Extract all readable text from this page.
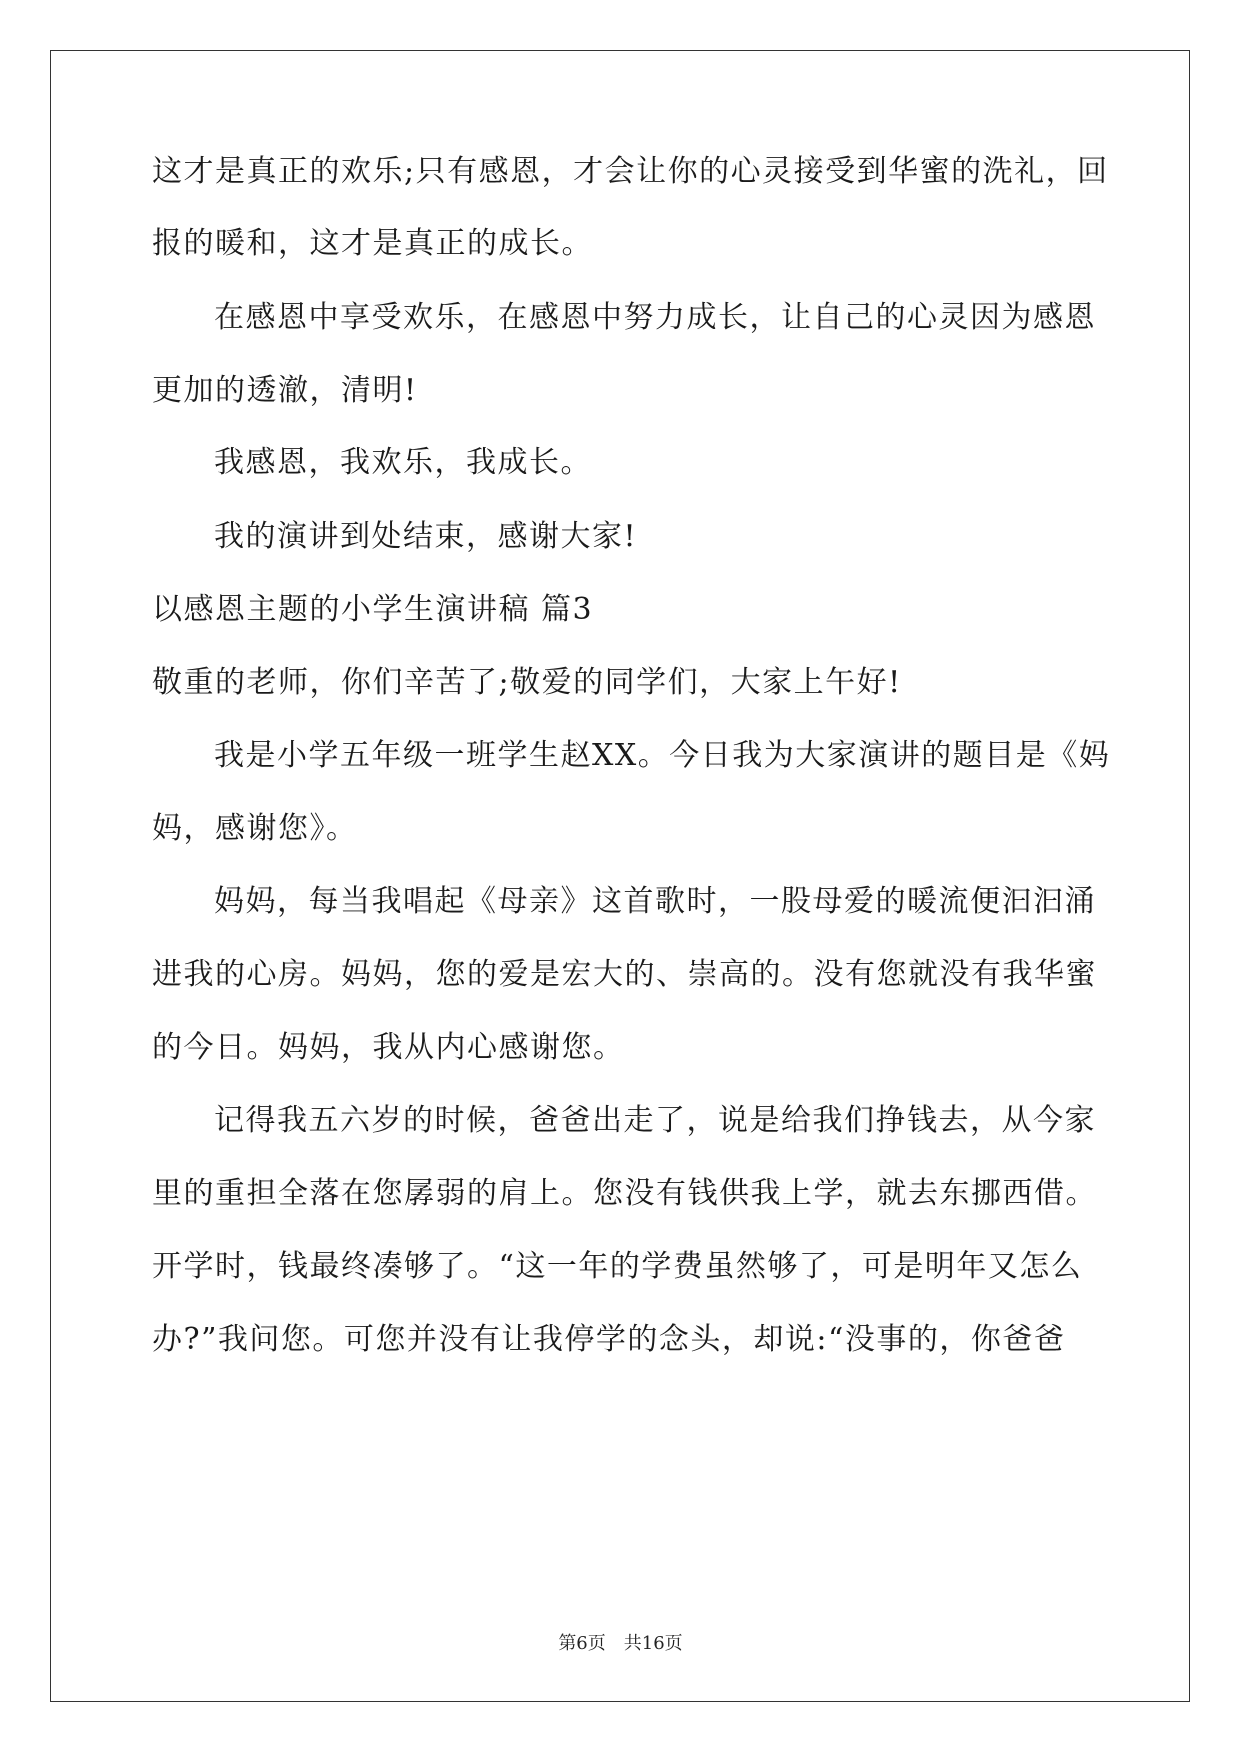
这才是真正的欢乐;只有感恩，才会让你的心灵接受到华蜜的洗礼，回
报的暖和，这才是真正的成长。
在感恩中享受欢乐，在感恩中努力成长，让自己的心灵因为感恩
更加的透澈，清明!
我感恩，我欢乐，我成长。
我的演讲到处结束，感谢大家!
以感恩主题的小学生演讲稿 篇3
敬重的老师，你们辛苦了;敬爱的同学们，大家上午好!
我是小学五年级一班学生赵XX。今日我为大家演讲的题目是《妈
妈，感谢您》。
妈妈，每当我唱起《母亲》这首歌时，一股母爱的暖流便汩汩涌
进我的心房。妈妈，您的爱是宏大的、崇高的。没有您就没有我华蜜
的今日。妈妈，我从内心感谢您。
记得我五六岁的时候，爸爸出走了，说是给我们挣钱去，从今家
里的重担全落在您孱弱的肩上。您没有钱供我上学，就去东挪西借。
开学时，钱最终凑够了。“这一年的学费虽然够了，可是明年又怎么
办?”我问您。可您并没有让我停学的念头，却说:“没事的，你爸爸
第6页　共16页
